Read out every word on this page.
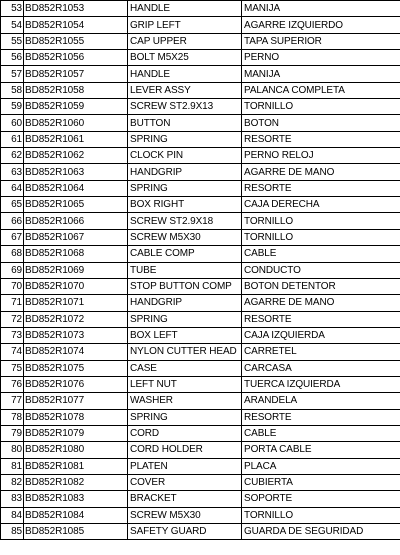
53	BD852R1053	HANDLE	MANIJA
54	BD852R1054	GRIP LEFT	AGARRE IZQUIERDO
55	BD852R1055	CAP UPPER	TAPA SUPERIOR
56	BD852R1056	BOLT M5X25	PERNO
57	BD852R1057	HANDLE	MANIJA
58	BD852R1058	LEVER ASSY	PALANCA COMPLETA
59	BD852R1059	SCREW ST2.9X13	TORNILLO
60	BD852R1060	BUTTON	BOTON
61	BD852R1061	SPRING	RESORTE
62	BD852R1062	CLOCK PIN	PERNO RELOJ
63	BD852R1063	HANDGRIP	AGARRE DE MANO
64	BD852R1064	SPRING	RESORTE
65	BD852R1065	BOX RIGHT	CAJA DERECHA
66	BD852R1066	SCREW ST2.9X18	TORNILLO
67	BD852R1067	SCREW M5X30	TORNILLO
68	BD852R1068	CABLE COMP	CABLE
69	BD852R1069	TUBE	CONDUCTO
70	BD852R1070	STOP BUTTON COMP	BOTON DETENTOR
71	BD852R1071	HANDGRIP	AGARRE DE MANO
72	BD852R1072	SPRING	RESORTE
73	BD852R1073	BOX LEFT	CAJA IZQUIERDA
74	BD852R1074	NYLON CUTTER HEAD	CARRETEL
75	BD852R1075	CASE	CARCASA
76	BD852R1076	LEFT NUT	TUERCA IZQUIERDA
77	BD852R1077	WASHER	ARANDELA
78	BD852R1078	SPRING	RESORTE
79	BD852R1079	CORD	CABLE
80	BD852R1080	CORD HOLDER	PORTA CABLE
81	BD852R1081	PLATEN	PLACA
82	BD852R1082	COVER	CUBIERTA
83	BD852R1083	BRACKET	SOPORTE
84	BD852R1084	SCREW M5X30	TORNILLO
85	BD852R1085	SAFETY GUARD	GUARDA DE SEGURIDAD
